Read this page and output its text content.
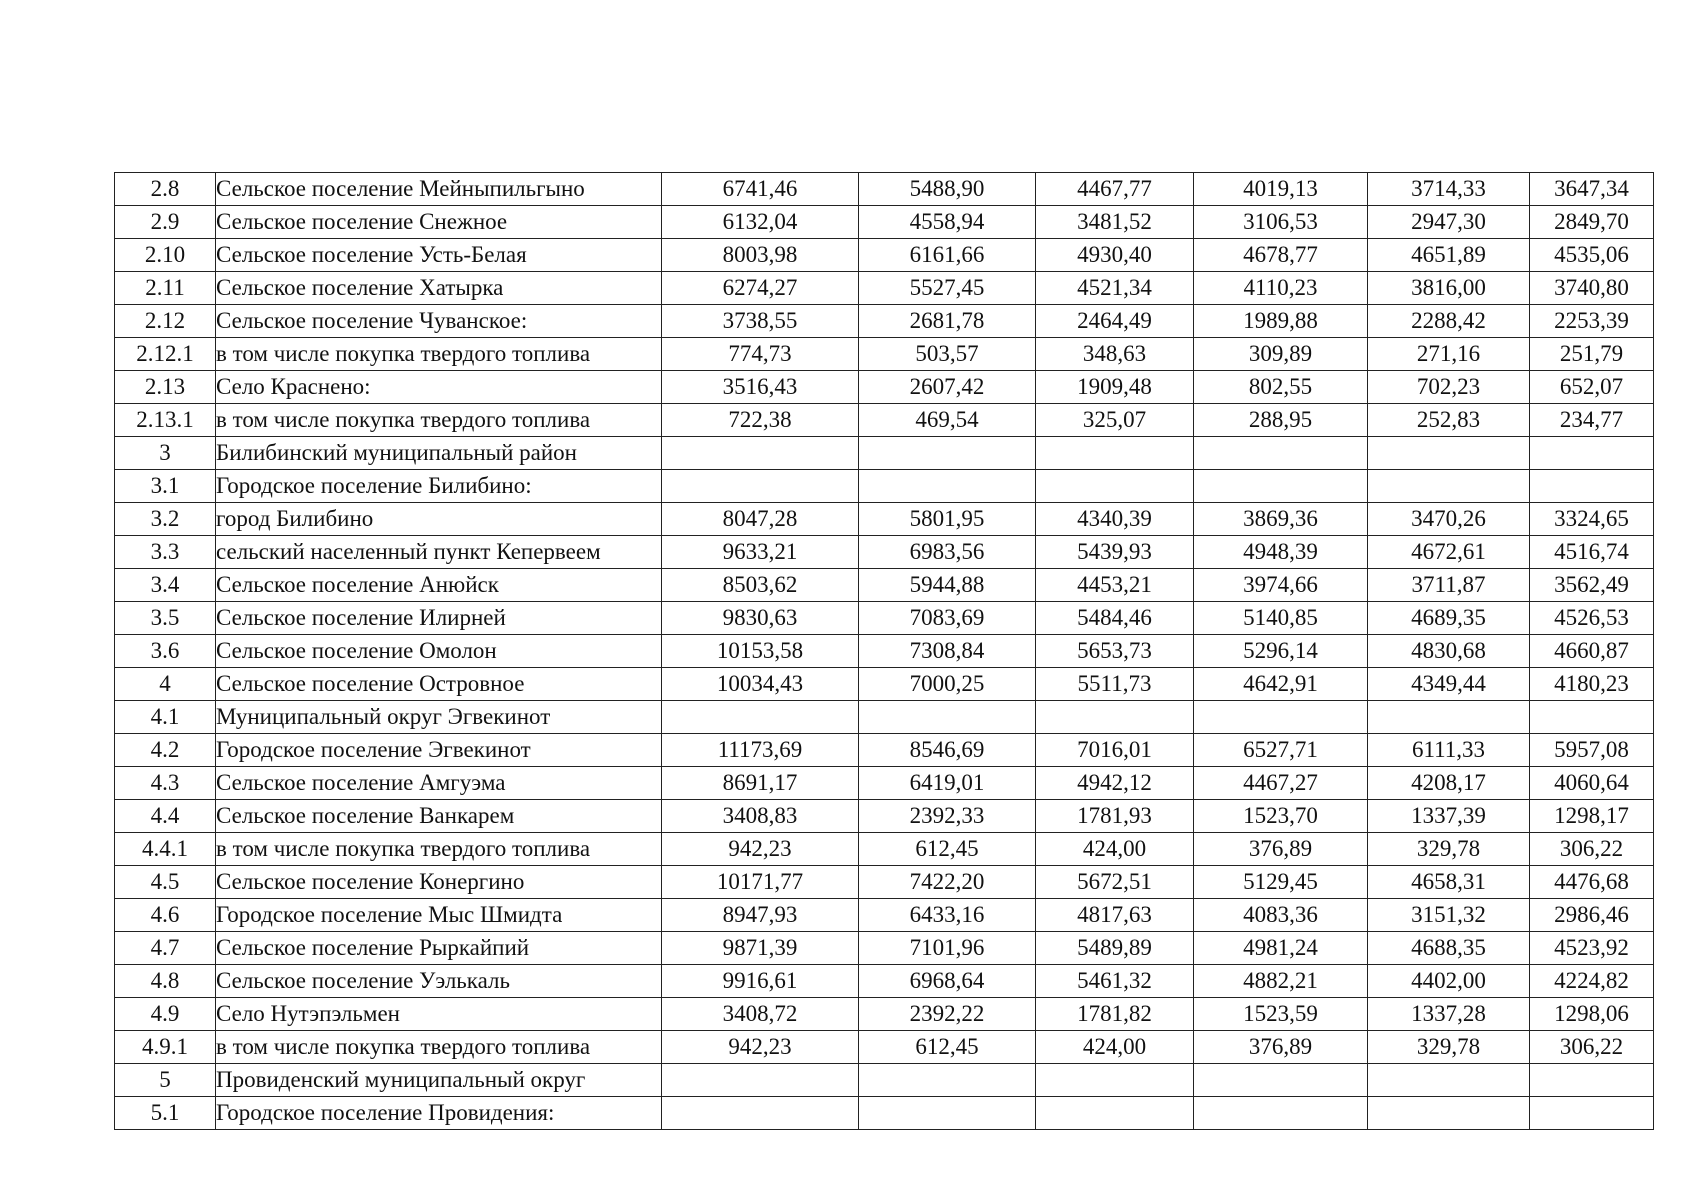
2.8	Сельское поселение Мейныпильгыно	6741,46	5488,90	4467,77	4019,13	3714,33	3647,34
2.9	Сельское поселение Снежное	6132,04	4558,94	3481,52	3106,53	2947,30	2849,70
2.10	Сельское поселение Усть-Белая	8003,98	6161,66	4930,40	4678,77	4651,89	4535,06
2.11	Сельское поселение Хатырка	6274,27	5527,45	4521,34	4110,23	3816,00	3740,80
2.12	Сельское поселение Чуванское:	3738,55	2681,78	2464,49	1989,88	2288,42	2253,39
2.12.1	в том числе покупка твердого топлива	774,73	503,57	348,63	309,89	271,16	251,79
2.13	Село Краснено:	3516,43	2607,42	1909,48	802,55	702,23	652,07
2.13.1	в том числе покупка твердого топлива	722,38	469,54	325,07	288,95	252,83	234,77
3	Билибинский муниципальный район						
3.1	Городское поселение Билибино:						
3.2	город Билибино	8047,28	5801,95	4340,39	3869,36	3470,26	3324,65
3.3	сельский населенный пункт Кепервеем	9633,21	6983,56	5439,93	4948,39	4672,61	4516,74
3.4	Сельское поселение Анюйск	8503,62	5944,88	4453,21	3974,66	3711,87	3562,49
3.5	Сельское поселение Илирней	9830,63	7083,69	5484,46	5140,85	4689,35	4526,53
3.6	Сельское поселение Омолон	10153,58	7308,84	5653,73	5296,14	4830,68	4660,87
4	Сельское поселение Островное	10034,43	7000,25	5511,73	4642,91	4349,44	4180,23
4.1	Муниципальный округ Эгвекинот						
4.2	Городское поселение Эгвекинот	11173,69	8546,69	7016,01	6527,71	6111,33	5957,08
4.3	Сельское поселение Амгуэма	8691,17	6419,01	4942,12	4467,27	4208,17	4060,64
4.4	Сельское поселение Ванкарем	3408,83	2392,33	1781,93	1523,70	1337,39	1298,17
4.4.1	в том числе покупка твердого топлива	942,23	612,45	424,00	376,89	329,78	306,22
4.5	Сельское поселение Конергино	10171,77	7422,20	5672,51	5129,45	4658,31	4476,68
4.6	Городское поселение Мыс Шмидта	8947,93	6433,16	4817,63	4083,36	3151,32	2986,46
4.7	Сельское поселение Рыркайпий	9871,39	7101,96	5489,89	4981,24	4688,35	4523,92
4.8	Сельское поселение Уэлькаль	9916,61	6968,64	5461,32	4882,21	4402,00	4224,82
4.9	Село Нутэпэльмен	3408,72	2392,22	1781,82	1523,59	1337,28	1298,06
4.9.1	в том числе покупка твердого топлива	942,23	612,45	424,00	376,89	329,78	306,22
5	Провиденский муниципальный округ						
5.1	Городское поселение Провидения:						
